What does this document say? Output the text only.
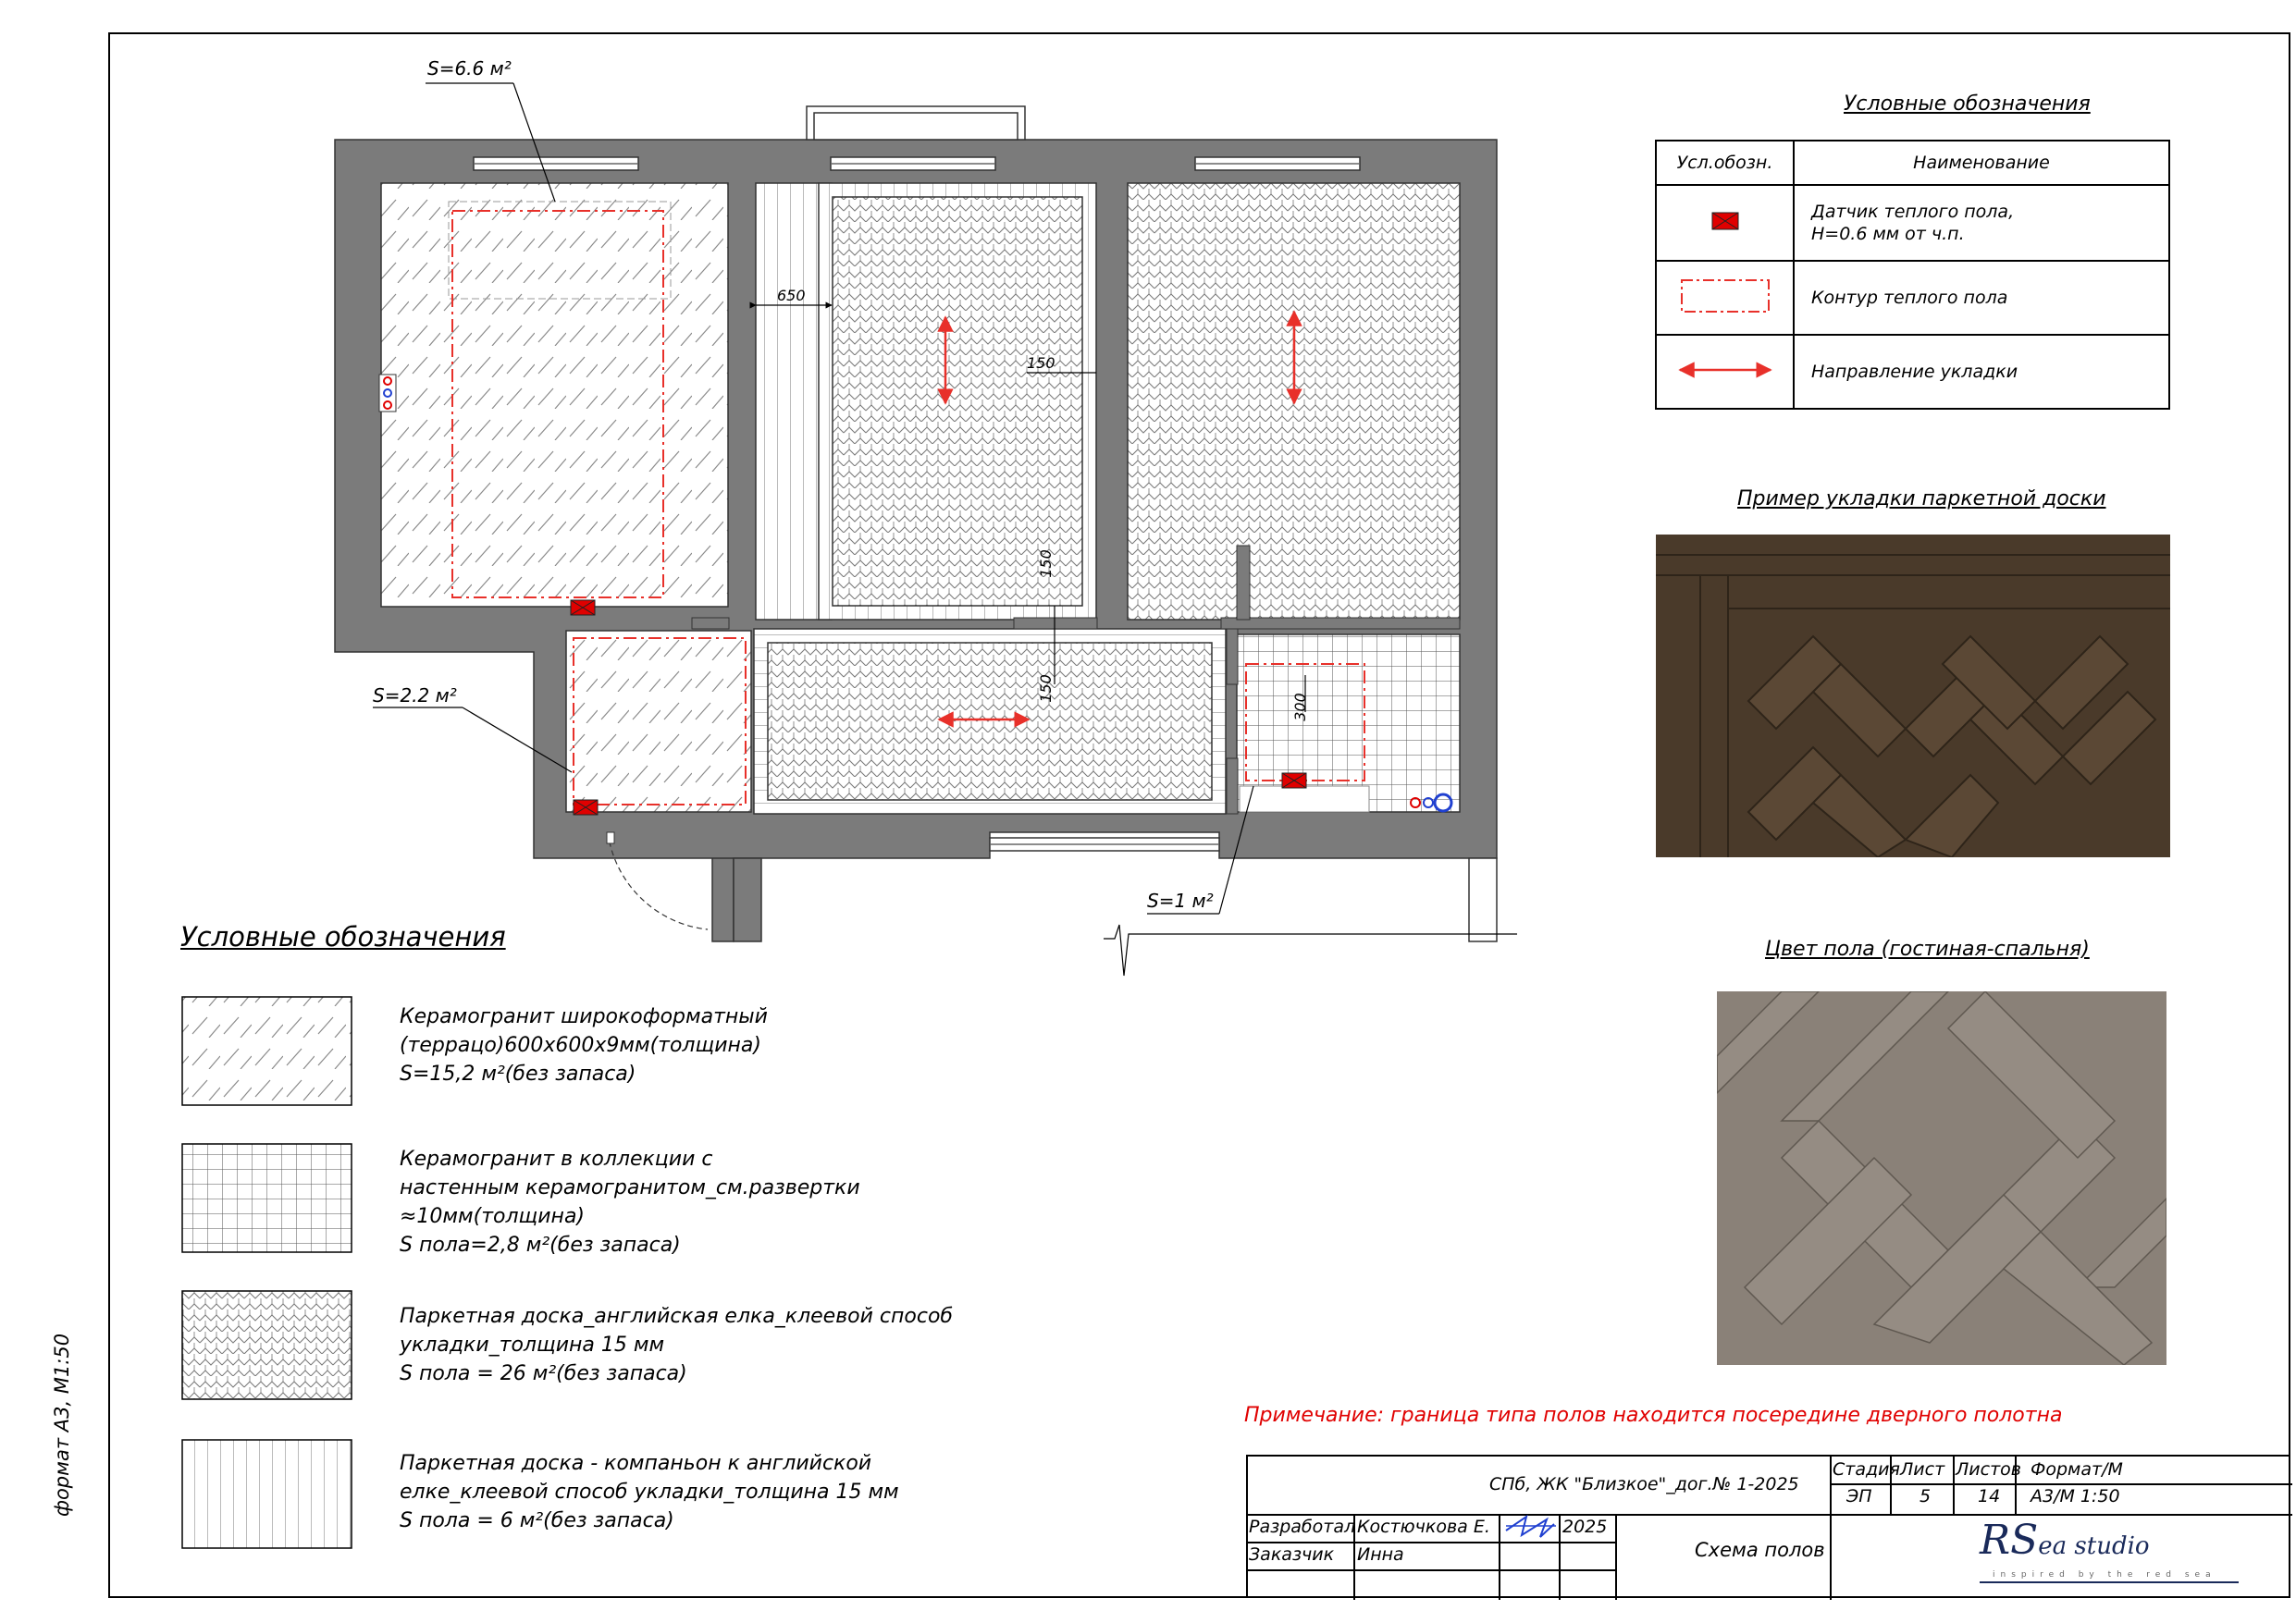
формат А3, М1:50
S=6.6 м²
S=2.2 м²
S=1 м²
650
150
150
150
300
Условные обозначения
Усл.обозн.	Наименование

Датчик теплого пола,
Н=0.6 мм от ч.п.

	Контур теплого пола
	Направление укладки
Пример укладки паркетной доски
Цвет пола (гостиная-спальня)
Условные обозначения
Керамогранит широкоформатный
(террацо)600х600х9мм(толщина)
S=15,2 м²(без запаса)
Керамогранит в коллекции с
настенным керамогранитом_см.развертки
≈10мм(толщина)
S пола=2,8 м²(без запаса)
Паркетная доска_английская елка_клеевой способ
укладки_толщина 15 мм
S пола = 26 м²(без запаса)
Паркетная доска - компаньон к английской
елке_клеевой способ укладки_толщина 15 мм
S пола = 6 м²(без запаса)
Примечание: граница типа полов находится посередине дверного полотна
СПб, ЖК "Близкое"_дог.№ 1-2025
Стадия Лист Листов Формат/М
ЭП	5	14 А3/М 1:50
Разработал Костючкова Е.	2025
Заказчик Инна	Схема полов	RSea studio
inspired by the red sea
